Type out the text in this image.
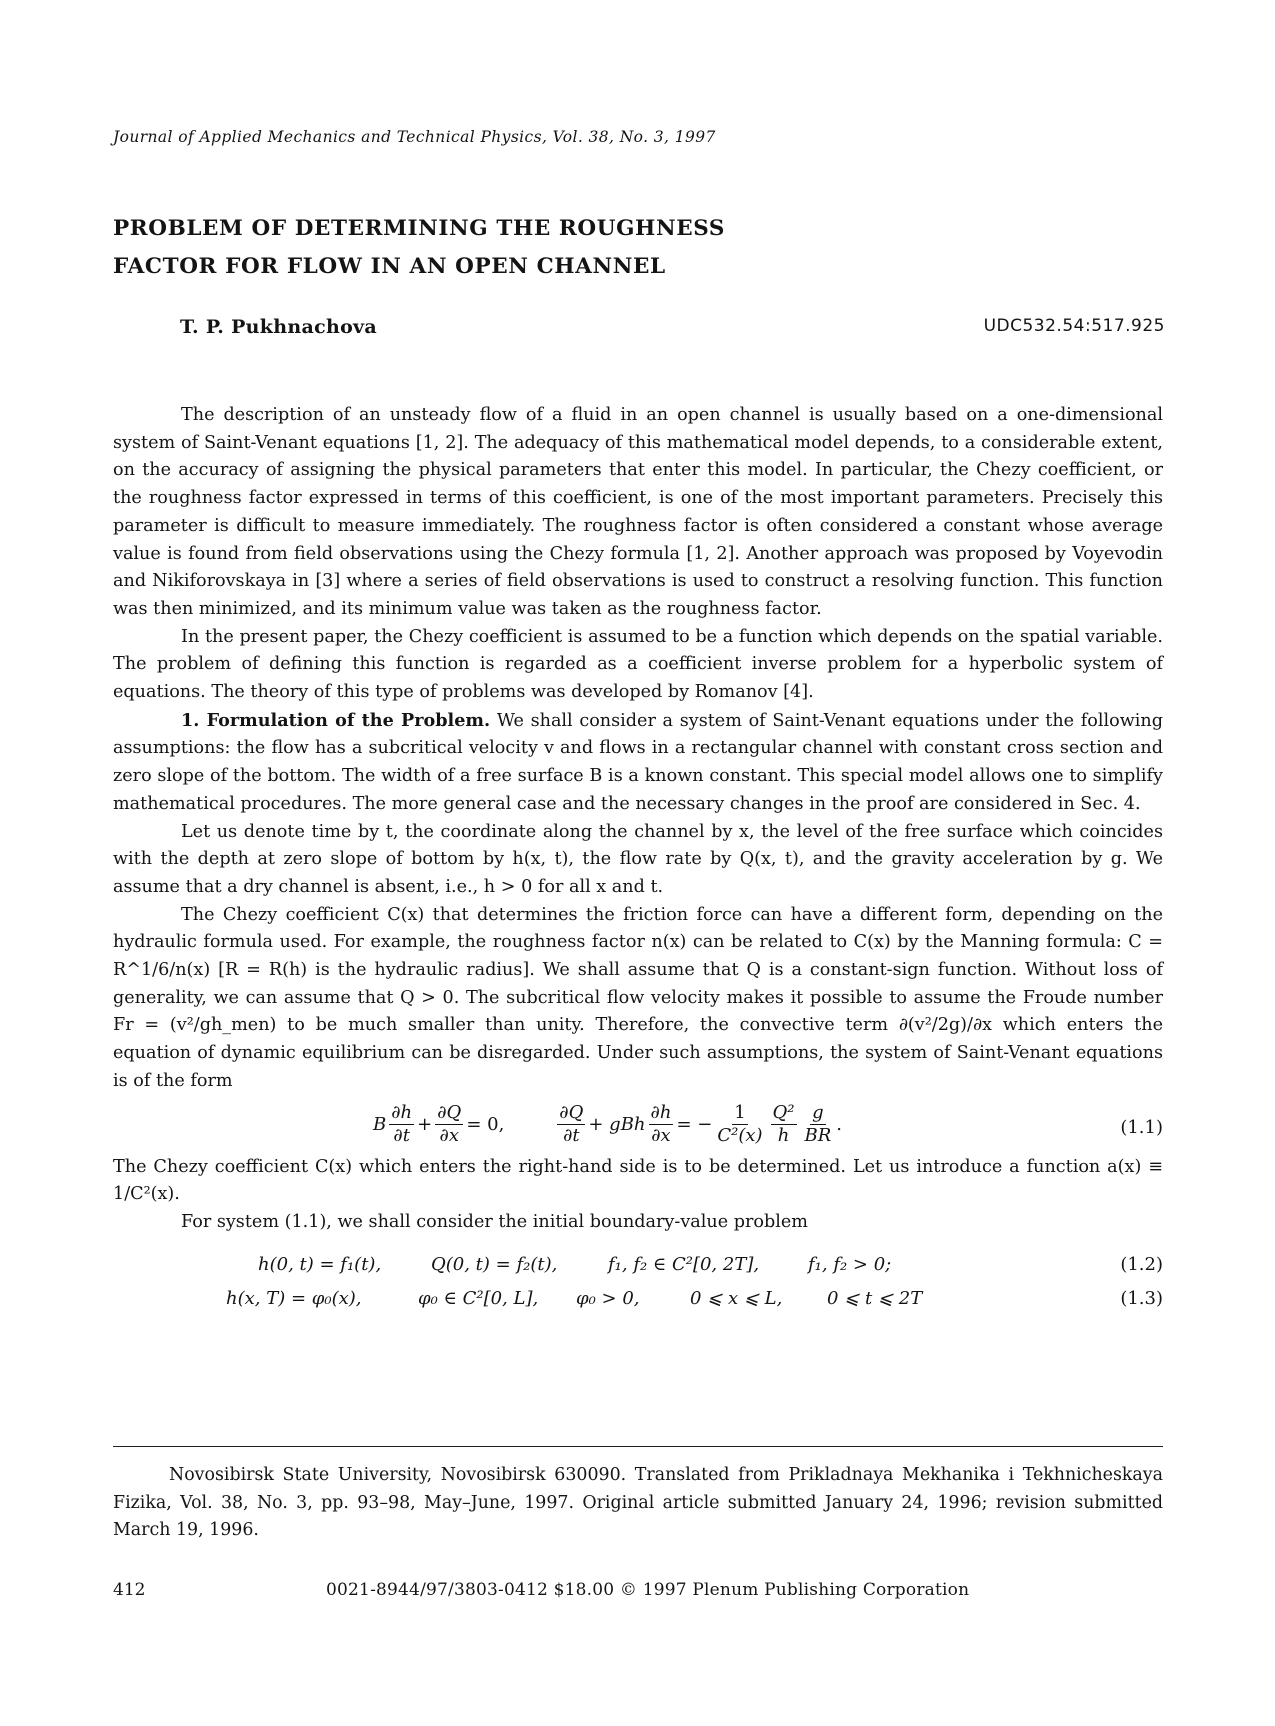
Journal of Applied Mechanics and Technical Physics, Vol. 38, No. 3, 1997
PROBLEM OF DETERMINING THE ROUGHNESS
FACTOR FOR FLOW IN AN OPEN CHANNEL
T. P. Pukhnachova	UDC532.54:517.925

The description of an unsteady flow of a fluid in an open channel is usually based on a one-dimensional system of Saint-Venant equations [1, 2]. The adequacy of this mathematical model depends, to a considerable extent, on the accuracy of assigning the physical parameters that enter this model. In particular, the Chezy coefficient, or the roughness factor expressed in terms of this coefficient, is one of the most important parameters. Precisely this parameter is difficult to measure immediately. The roughness factor is often considered a constant whose average value is found from field observations using the Chezy formula [1, 2]. Another approach was proposed by Voyevodin and Nikiforovskaya in [3] where a series of field observations is used to construct a resolving function. This function was then minimized, and its minimum value was taken as the roughness factor.

In the present paper, the Chezy coefficient is assumed to be a function which depends on the spatial variable. The problem of defining this function is regarded as a coefficient inverse problem for a hyperbolic system of equations. The theory of this type of problems was developed by Romanov [4].

1. Formulation of the Problem. We shall consider a system of Saint-Venant equations under the following assumptions: the flow has a subcritical velocity v and flows in a rectangular channel with constant cross section and zero slope of the bottom. The width of a free surface B is a known constant. This special model allows one to simplify mathematical procedures. The more general case and the necessary changes in the proof are considered in Sec. 4.

Let us denote time by t, the coordinate along the channel by x, the level of the free surface which coincides with the depth at zero slope of bottom by h(x, t), the flow rate by Q(x, t), and the gravity acceleration by g. We assume that a dry channel is absent, i.e., h > 0 for all x and t.

The Chezy coefficient C(x) that determines the friction force can have a different form, depending on the hydraulic formula used. For example, the roughness factor n(x) can be related to C(x) by the Manning formula: C = R^1/6/n(x) [R = R(h) is the hydraulic radius]. We shall assume that Q is a constant-sign function. Without loss of generality, we can assume that Q > 0. The subcritical flow velocity makes it possible to assume the Froude number Fr = (v²/gh_men) to be much smaller than unity. Therefore, the convective term ∂(v²/2g)/∂x which enters the equation of dynamic equilibrium can be disregarded. Under such assumptions, the system of Saint-Venant equations is of the form

B $\frac{\partial h}{\partial t} + \frac{\partial Q}{\partial x} = 0$,	$\frac{\partial Q}{\partial t}$ + gBh $\frac{\partial h}{\partial x}$ = − $\frac{1}{\text{C²(x)}} \frac{\text{Q²}}{h} \frac{g}{BR}$ .	(1.1)

The Chezy coefficient C(x) which enters the right-hand side is to be determined. Let us introduce a function a(x) ≡ 1/C²(x).

For system (1.1), we shall consider the initial boundary-value problem

h(0, t) = f₁(t),	Q(0, t) = f₂(t),	f₁, f₂ ∈ C²[0, 2T],	f₁, f₂ > 0;	(1.2)
h(x, T) = φ₀(x),	φ₀ ∈ C²[0, L], φ₀ > 0,	0 ⩽ x ⩽ L, 0 ⩽ t ⩽ 2T	(1.3)

Novosibirsk State University, Novosibirsk 630090. Translated from Prikladnaya Mekhanika i Tekhnicheskaya Fizika, Vol. 38, No. 3, pp. 93–98, May–June, 1997. Original article submitted January 24, 1996; revision submitted March 19, 1996.

412	0021-8944/97/3803-0412 $18.00 © 1997 Plenum Publishing Corporation
